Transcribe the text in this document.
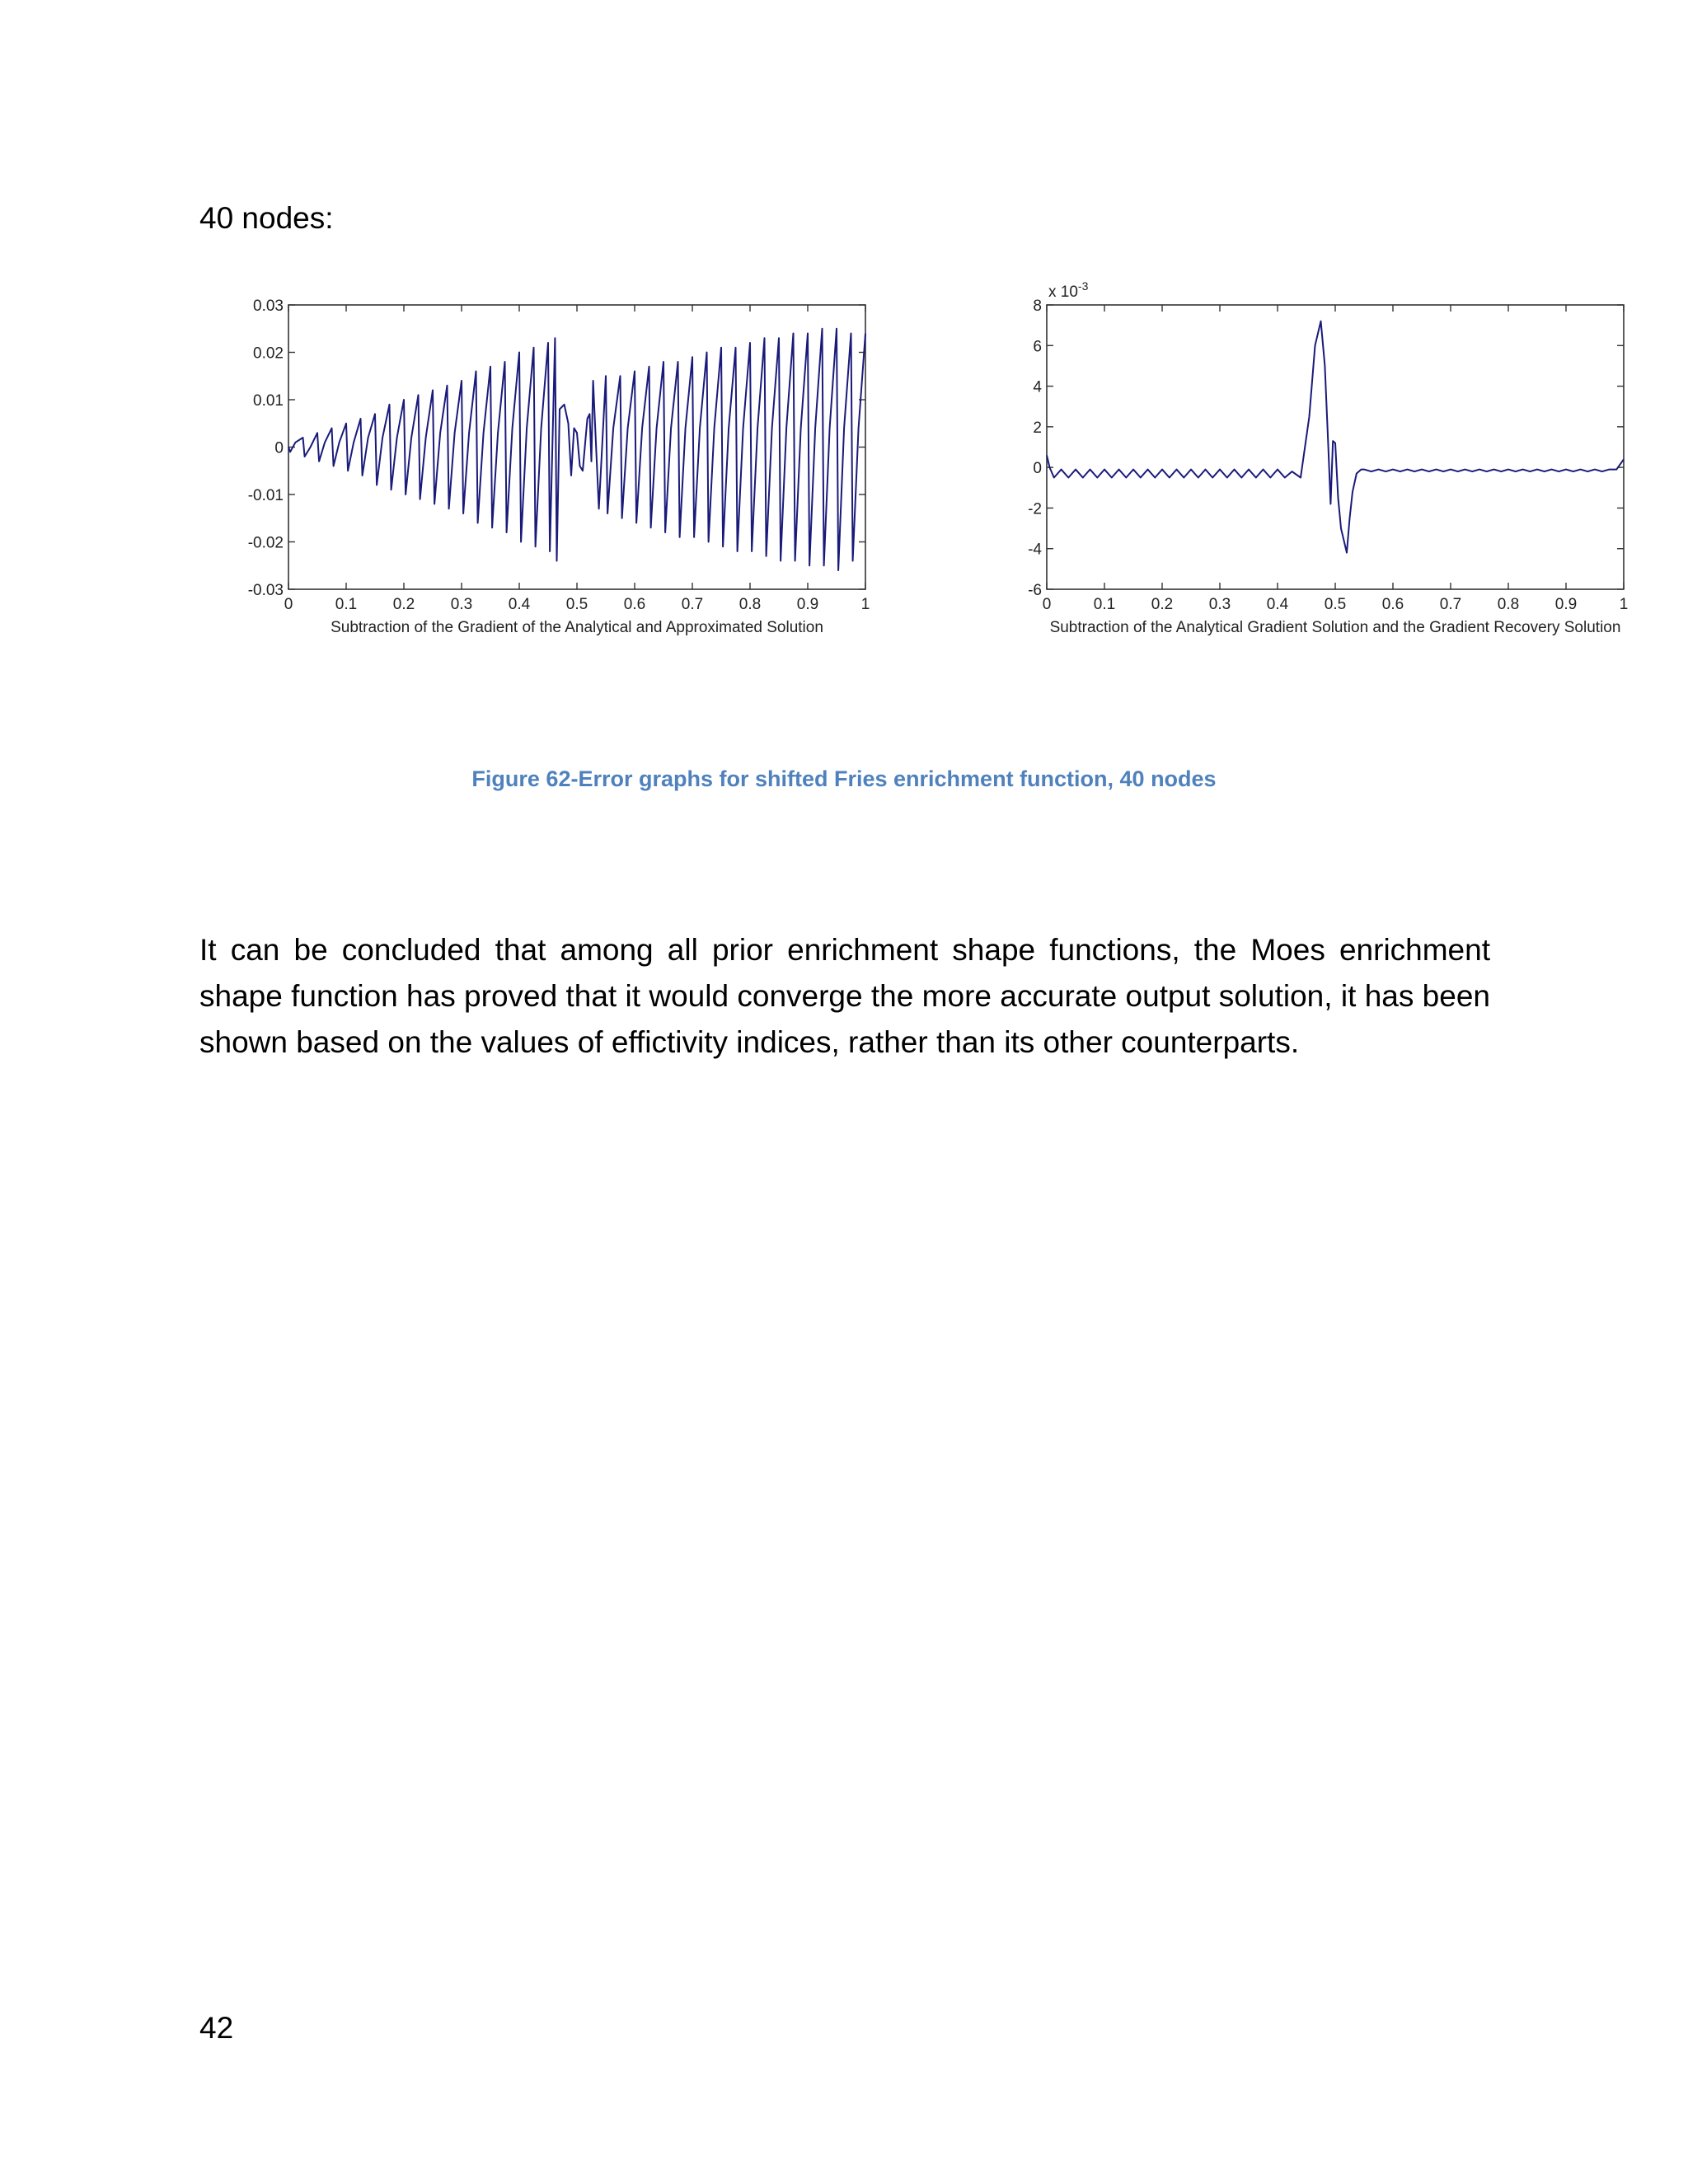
40 nodes:
0	0.1 0.2 0.3 0.4 0.5 0.6 0.7 0.8 0.9	1
0.03
0.02
0.01
0
-0.01
-0.02
-0.03
Subtraction of the Gradient of the Analytical and Approximated Solution
0	0.1 0.2 0.3 0.4 0.5 0.6 0.7 0.8 0.9	1
8
6
4
2
0
-2
-4
-6
Subtraction of the Analytical Gradient Solution and the Gradient Recovery Solution
x $10^{-3}$
Figure 62-Error graphs for shifted Fries enrichment function, 40 nodes

It can be concluded that among all prior enrichment shape functions, the Moes enrichment shape function has proved that it would converge the more accurate output solution, it has been shown based on the values of effictivity indices, rather than its other counterparts.

42
